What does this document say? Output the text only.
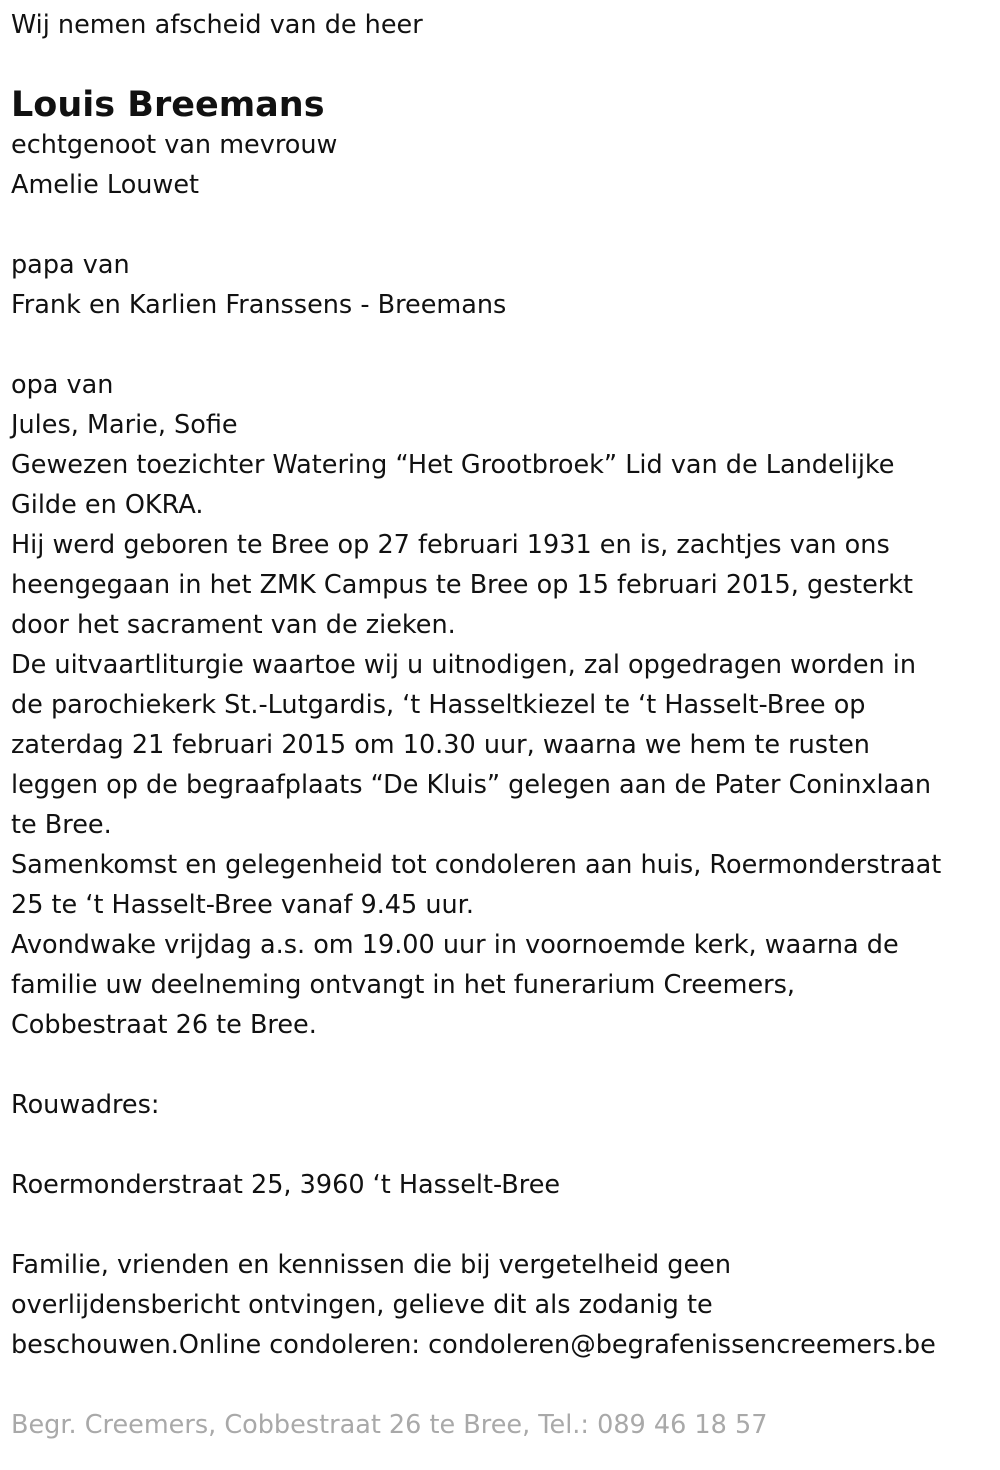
Wij nemen afscheid van de heer

Louis Breemans

echtgenoot van mevrouw

Amelie Louwet

papa van

Frank en Karlien Franssens - Breemans

opa van

Jules, Marie, Sofie

Gewezen toezichter Watering “Het Grootbroek” Lid van de Landelijke

Gilde en OKRA.

Hij werd geboren te Bree op 27 februari 1931 en is, zachtjes van ons

heengegaan in het ZMK Campus te Bree op 15 februari 2015, gesterkt

door het sacrament van de zieken.

De uitvaartliturgie waartoe wij u uitnodigen, zal opgedragen worden in

de parochiekerk St.-Lutgardis, ‘t Hasseltkiezel te ‘t Hasselt-Bree op

zaterdag 21 februari 2015 om 10.30 uur, waarna we hem te rusten

leggen op de begraafplaats “De Kluis” gelegen aan de Pater Coninxlaan

te Bree.

Samenkomst en gelegenheid tot condoleren aan huis, Roermonderstraat

25 te ‘t Hasselt-Bree vanaf 9.45 uur.

Avondwake vrijdag a.s. om 19.00 uur in voornoemde kerk, waarna de

familie uw deelneming ontvangt in het funerarium Creemers,

Cobbestraat 26 te Bree.

Rouwadres:

Roermonderstraat 25, 3960 ‘t Hasselt-Bree

Familie, vrienden en kennissen die bij vergetelheid geen

overlijdensbericht ontvingen, gelieve dit als zodanig te

beschouwen.Online condoleren: condoleren@begrafenissencreemers.be

Begr. Creemers, Cobbestraat 26 te Bree, Tel.: 089 46 18 57
